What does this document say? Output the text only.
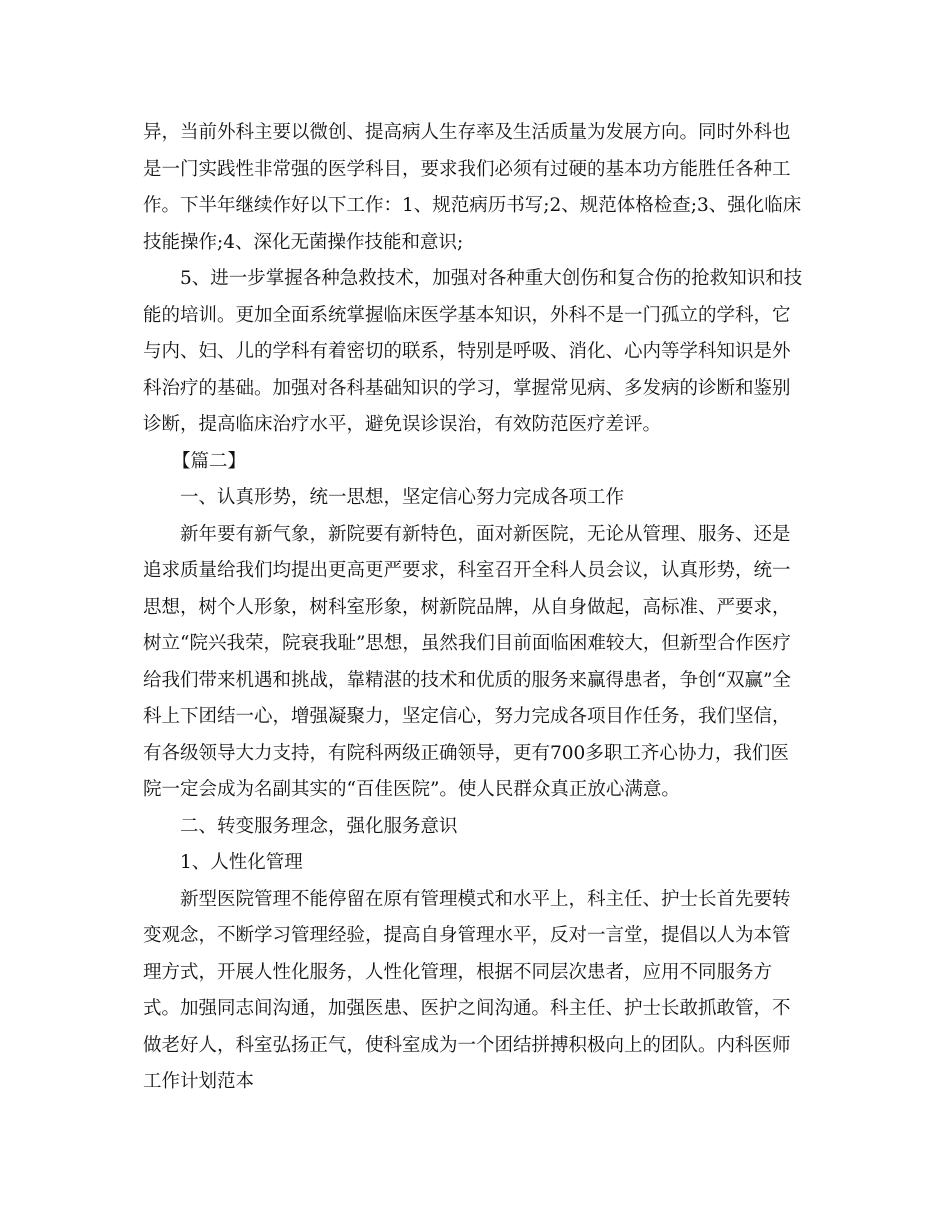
异，当前外科主要以微创、提高病人生存率及生活质量为发展方向。同时外科也
是一门实践性非常强的医学科目，要求我们必须有过硬的基本功方能胜任各种工
作。下半年继续作好以下工作：1、规范病历书写;2、规范体格检查;3、强化临床
技能操作;4、深化无菌操作技能和意识;
5、进一步掌握各种急救技术，加强对各种重大创伤和复合伤的抢救知识和技
能的培训。更加全面系统掌握临床医学基本知识，外科不是一门孤立的学科，它
与内、妇、儿的学科有着密切的联系，特别是呼吸、消化、心内等学科知识是外
科治疗的基础。加强对各科基础知识的学习，掌握常见病、多发病的诊断和鉴别
诊断，提高临床治疗水平，避免误诊误治，有效防范医疗差评。
【篇二】
一、认真形势，统一思想，坚定信心努力完成各项工作
新年要有新气象，新院要有新特色，面对新医院，无论从管理、服务、还是
追求质量给我们均提出更高更严要求，科室召开全科人员会议，认真形势，统一
思想，树个人形象，树科室形象，树新院品牌，从自身做起，高标准、严要求，
树立“院兴我荣，院衰我耻”思想，虽然我们目前面临困难较大，但新型合作医疗
给我们带来机遇和挑战，靠精湛的技术和优质的服务来赢得患者，争创“双赢”全
科上下团结一心，增强凝聚力，坚定信心，努力完成各项目作任务，我们坚信，
有各级领导大力支持，有院科两级正确领导，更有700多职工齐心协力，我们医
院一定会成为名副其实的“百佳医院”。使人民群众真正放心满意。
二、转变服务理念，强化服务意识
1、人性化管理
新型医院管理不能停留在原有管理模式和水平上，科主任、护士长首先要转
变观念，不断学习管理经验，提高自身管理水平，反对一言堂，提倡以人为本管
理方式，开展人性化服务，人性化管理，根据不同层次患者，应用不同服务方
式。加强同志间沟通，加强医患、医护之间沟通。科主任、护士长敢抓敢管，不
做老好人，科室弘扬正气，使科室成为一个团结拼搏积极向上的团队。内科医师
工作计划范本
